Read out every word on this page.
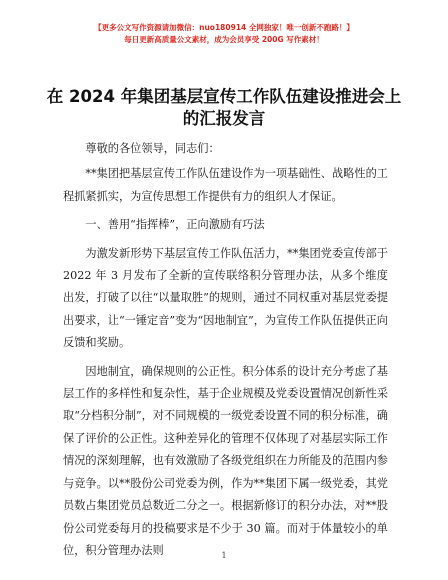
【更多公文写作资源请加微信：nuo180914 全网独家！唯一创新不跑路！】
每日更新高质量公文素材，成为会员享受 200G 写作素材！
在 2024 年集团基层宣传工作队伍建设推进会上
的汇报发言

尊敬的各位领导，同志们：

**集团把基层宣传工作队伍建设作为一项基础性、战略性的工程抓紧抓实，为宣传思想工作提供有力的组织人才保证。

一、善用“指挥棒”，正向激励有巧法

为激发新形势下基层宣传工作队伍活力，**集团党委宣传部于 2022 年 3 月发布了全新的宣传联络积分管理办法，从多个维度出发，打破了以往“以量取胜”的规则，通过不同权重对基层党委提出要求，让“一锤定音”变为“因地制宜”，为宣传工作队伍提供正向反馈和奖励。

因地制宜，确保规则的公正性。积分体系的设计充分考虑了基层工作的多样性和复杂性，基于企业规模及党委设置情况创新性采取“分档积分制”，对不同规模的一级党委设置不同的积分标准，确保了评价的公正性。这种差异化的管理不仅体现了对基层实际工作情况的深刻理解，也有效激励了各级党组织在力所能及的范围内参与竞争。以**股份公司党委为例，作为**集团下属一级党委，其党员数占集团党员总数近二分之一。根据新修订的积分办法，对**股份公司党委每月的投稿要求是不少于 30 篇。而对于体量较小的单位，积分管理办法则	1
